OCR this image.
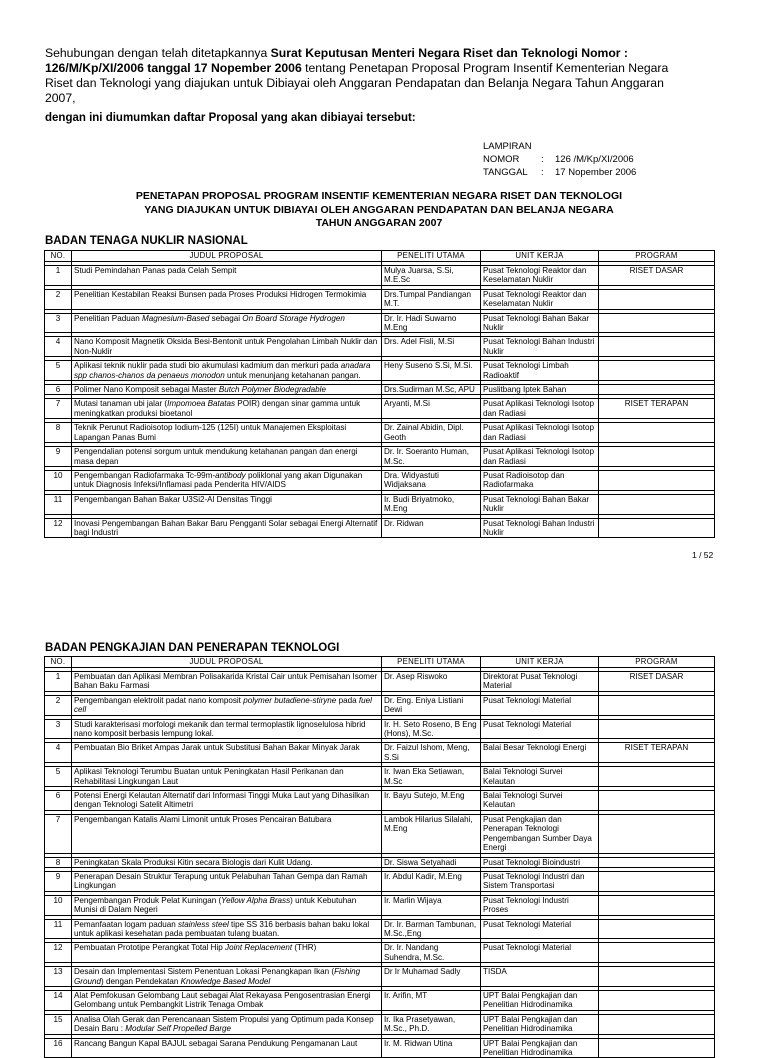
Sehubungan dengan telah ditetapkannya Surat Keputusan Menteri Negara Riset dan Teknologi Nomor : 126/M/Kp/XI/2006 tanggal 17 Nopember 2006 tentang Penetapan Proposal Program Insentif Kementerian Negara Riset dan Teknologi yang diajukan untuk Dibiayai oleh Anggaran Pendapatan dan Belanja Negara Tahun Anggaran 2007,
dengan ini diumumkan daftar Proposal yang akan dibiayai tersebut:
LAMPIRAN
NOMOR	:	126 /M/Kp/XI/2006
TANGGAL	:	17 Nopember 2006
PENETAPAN PROPOSAL PROGRAM INSENTIF KEMENTERIAN NEGARA RISET DAN TEKNOLOGI
YANG DIAJUKAN UNTUK DIBIAYAI OLEH ANGGARAN PENDAPATAN DAN BELANJA NEGARA
TAHUN ANGGARAN 2007
BADAN TENAGA NUKLIR NASIONAL
NO.	JUDUL PROPOSAL	PENELITI UTAMA	UNIT KERJA	PROGRAM

1	Studi Pemindahan Panas pada Celah Sempit	Mulya Juarsa, S.Si, M.E.Sc	Pusat Teknologi Reaktor dan Keselamatan Nuklir	RISET DASAR

2	Penelitian Kestabilan Reaksi Bunsen pada Proses Produksi Hidrogen Termokimia	Drs.Tumpal Pandiangan M.T.	Pusat Teknologi Reaktor dan Keselamatan Nuklir	

3	Penelitian Paduan Magnesium-Based sebagai On Board Storage Hydrogen	Dr. Ir. Hadi Suwarno M.Eng	Pusat Teknologi Bahan Bakar Nuklir	

4	Nano Komposit Magnetik Oksida Besi-Bentonit untuk Pengolahan Limbah Nuklir dan Non-Nuklir	Drs. Adel Fisli, M.Si	Pusat Teknologi Bahan Industri Nuklir	

5	Aplikasi teknik nuklir pada studi bio akumulasi kadmium dan merkuri pada anadara spp chanos-chanos da penaeus monodon untuk menunjang ketahanan pangan.	Heny Suseno S.Si, M.Si.	Pusat Teknologi Limbah Radioaktif	

6	Polimer Nano Komposit sebagai Master Butch Polymer Biodegradable	Drs.Sudirman M.Sc, APU	Puslitbang Iptek Bahan	

7	Mutasi tanaman ubi jalar (Impomoea Batatas POIR) dengan sinar gamma untuk meningkatkan produksi bioetanol	Aryanti, M.Si	Pusat Aplikasi Teknologi Isotop dan Radiasi	RISET TERAPAN

8	Teknik Perunut Radioisotop Iodium-125 (125I) untuk Manajemen Eksploitasi Lapangan Panas Bumi	Dr. Zainal Abidin, Dipl. Geoth	Pusat Aplikasi Teknologi Isotop dan Radiasi	

9	Pengendalian potensi sorgum untuk mendukung ketahanan pangan dan energi masa depan	Dr. Ir. Soeranto Human, M.Sc.	Pusat Aplikasi Teknologi Isotop dan Radiasi	

10	Pengembangan Radiofarmaka Tc-99m-antibody poliklonal yang akan Digunakan untuk Diagnosis Infeksi/Inflamasi pada Penderita HIV/AIDS	Dra. Widyastuti Widjaksana	Pusat Radioisotop dan Radiofarmaka	

11	Pengembangan Bahan Bakar U3Si2-Al Densitas Tinggi	Ir. Budi Briyatmoko, M.Eng	Pusat Teknologi Bahan Bakar Nuklir	

12	Inovasi Pengembangan Bahan Bakar Baru Pengganti Solar sebagai Energi Alternatif bagi Industri	Dr. Ridwan	Pusat Teknologi Bahan Industri Nuklir	
1 / 52
BADAN PENGKAJIAN DAN PENERAPAN TEKNOLOGI
NO.	JUDUL PROPOSAL	PENELITI UTAMA	UNIT KERJA	PROGRAM

1	Pembuatan dan Aplikasi Membran Polisakarida Kristal Cair untuk Pemisahan Isomer Bahan Baku Farmasi	Dr. Asep Riswoko	Direktorat Pusat Teknologi Material	RISET DASAR

2	Pengembangan elektrolit padat nano komposit polymer butadiene-stiryne pada fuel cell	Dr. Eng. Eniya Listiani Dewi	Pusat Teknologi Material	

3	Studi karakterisasi morfologi mekanik dan termal termoplastik lignoselulosa hibrid nano komposit berbasis lempung lokal.	Ir. H. Seto Roseno, B Eng (Hons), M.Sc.	Pusat Teknologi Material	

4	Pembuatan Bio Briket Ampas Jarak untuk Substitusi Bahan Bakar Minyak Jarak	Dr. Faizul Ishom, Meng, S.Si	Balai Besar Teknologi Energi	RISET TERAPAN

5	Aplikasi Teknologi Terumbu Buatan untuk Peningkatan Hasil Perikanan dan Rehabilitasi Lingkungan Laut	Ir. Iwan Eka Setiawan, M.Sc	Balai Teknologi Survei Kelautan	

6	Potensi Energi Kelautan Alternatif dari Informasi Tinggi Muka Laut yang Dihasilkan dengan Teknologi Satelit Altimetri	Ir. Bayu Sutejo, M.Eng	Balai Teknologi Survei Kelautan	

7	Pengembangan Katalis Alami Limonit untuk Proses Pencairan Batubara	Lambok Hilarius Silalahi, M.Eng	Pusat Pengkajian dan Penerapan Teknologi Pengembangan Sumber Daya Energi	

8	Peningkatan Skala Produksi Kitin secara Biologis dari Kulit Udang.	Dr. Siswa Setyahadi	Pusat Teknologi Bioindustri	

9	Penerapan Desain Struktur Terapung untuk Pelabuhan Tahan Gempa dan Ramah Lingkungan	Ir. Abdul Kadir, M.Eng	Pusat Teknologi Industri dan Sistem Transportasi	

10	Pengembangan Produk Pelat Kuningan (Yellow Alpha Brass) untuk Kebutuhan Munisi di Dalam Negeri	Ir. Marlin Wijaya	Pusat Teknologi Industri Proses	

11	Pemanfaatan logam paduan stainless steel tipe SS 316 berbasis bahan baku lokal untuk aplikasi kesehatan pada pembuatan tulang buatan.	Dr. Ir. Barman Tambunan, M.Sc.,Eng	Pusat Teknologi Material	

12	Pembuatan Prototipe Perangkat Total Hip Joint Replacement (THR)	Dr. Ir. Nandang Suhendra, M.Sc.	Pusat Teknologi Material	

13	Desain dan Implementasi Sistem Penentuan Lokasi Penangkapan Ikan (Fishing Ground) dengan Pendekatan Knowledge Based Model	Dr Ir Muhamad Sadly	TISDA	

14	Alat Pemfokusan Gelombang Laut sebagai Alat Rekayasa Pengosentrasian Energi Gelombang untuk Pembangkit Listrik Tenaga Ombak	Ir. Arifin, MT	UPT Balai Pengkajian dan Penelitian Hidrodinamika	

15	Analisa Olah Gerak dan Perencanaan Sistem Propulsi yang Optimum pada Konsep Desain Baru : Modular Self Propelled Barge	Ir. Ika Prasetyawan, M.Sc., Ph.D.	UPT Balai Pengkajian dan Penelitian Hidrodinamika	

16	Rancang Bangun Kapal BAJUL sebagai Sarana Pendukung Pengamanan Laut	Ir. M. Ridwan Utina	UPT Balai Pengkajian dan Penelitian Hidrodinamika	
